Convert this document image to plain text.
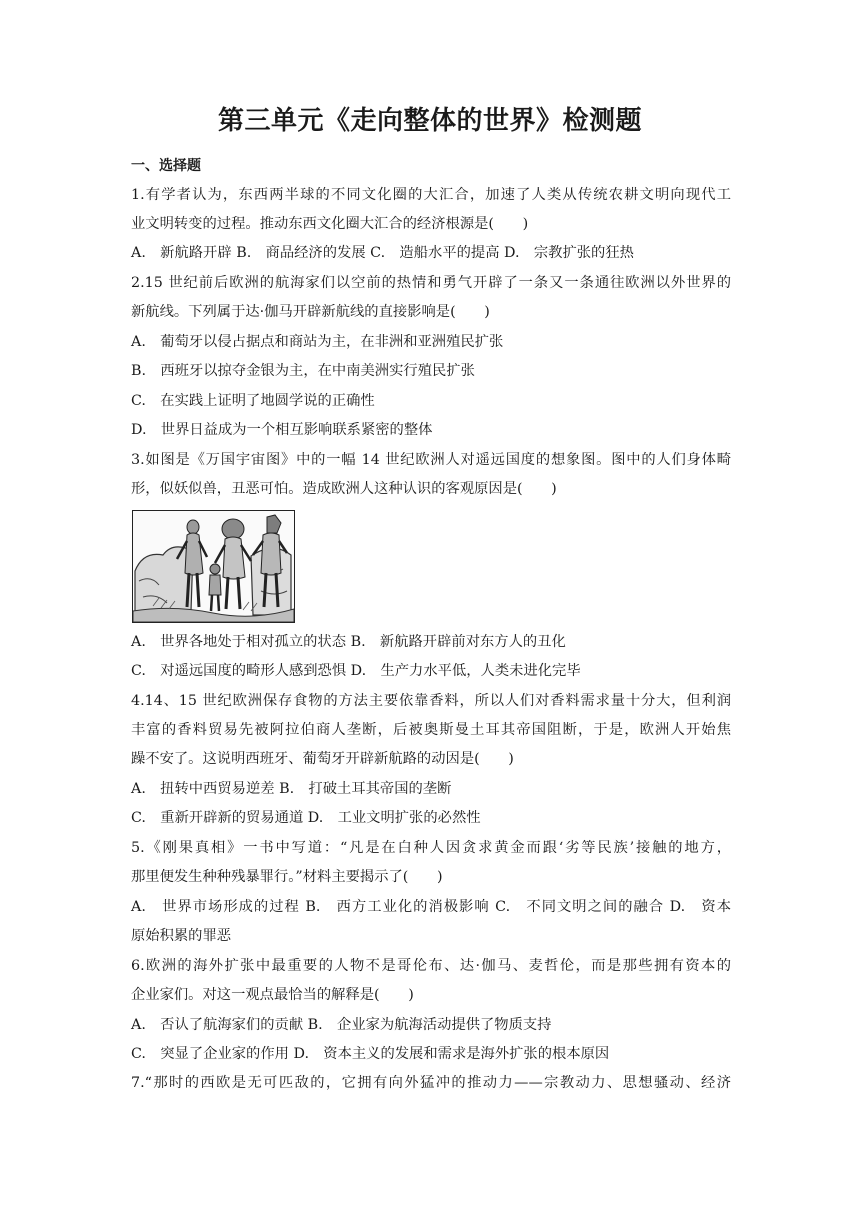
第三单元《走向整体的世界》检测题
一、选择题

1.有学者认为，东西两半球的不同文化圈的大汇合，加速了人类从传统农耕文明向现代工

业文明转变的过程。推动东西文化圈大汇合的经济根源是(　　)

A.　新航路开辟 B.　商品经济的发展 C.　造船水平的提高 D.　宗教扩张的狂热

2.15 世纪前后欧洲的航海家们以空前的热情和勇气开辟了一条又一条通往欧洲以外世界的

新航线。下列属于达·伽马开辟新航线的直接影响是(　　)

A.　葡萄牙以侵占据点和商站为主，在非洲和亚洲殖民扩张

B.　西班牙以掠夺金银为主，在中南美洲实行殖民扩张

C.　在实践上证明了地圆学说的正确性

D.　世界日益成为一个相互影响联系紧密的整体

3.如图是《万国宇宙图》中的一幅 14 世纪欧洲人对遥远国度的想象图。图中的人们身体畸

形，似妖似兽，丑恶可怕。造成欧洲人这种认识的客观原因是(　　)

A.　世界各地处于相对孤立的状态 B.　新航路开辟前对东方人的丑化

C.　对遥远国度的畸形人感到恐惧 D.　生产力水平低，人类未进化完毕

4.14、15 世纪欧洲保存食物的方法主要依靠香料，所以人们对香料需求量十分大，但利润

丰富的香料贸易先被阿拉伯商人垄断，后被奥斯曼土耳其帝国阻断，于是，欧洲人开始焦

躁不安了。这说明西班牙、葡萄牙开辟新航路的动因是(　　)

A.　扭转中西贸易逆差 B.　打破土耳其帝国的垄断

C.　重新开辟新的贸易通道 D.　工业文明扩张的必然性

5.《刚果真相》一书中写道：“凡是在白种人因贪求黄金而跟‘劣等民族’接触的地方，

那里便发生种种残暴罪行。”材料主要揭示了(　　)

A.　世界市场形成的过程 B.　西方工业化的消极影响 C.　不同文明之间的融合 D.　资本

原始积累的罪恶

6.欧洲的海外扩张中最重要的人物不是哥伦布、达·伽马、麦哲伦，而是那些拥有资本的

企业家们。对这一观点最恰当的解释是(　　)

A.　否认了航海家们的贡献 B.　企业家为航海活动提供了物质支持

C.　突显了企业家的作用 D.　资本主义的发展和需求是海外扩张的根本原因

7.“那时的西欧是无可匹敌的，它拥有向外猛冲的推动力——宗教动力、思想骚动、经济
